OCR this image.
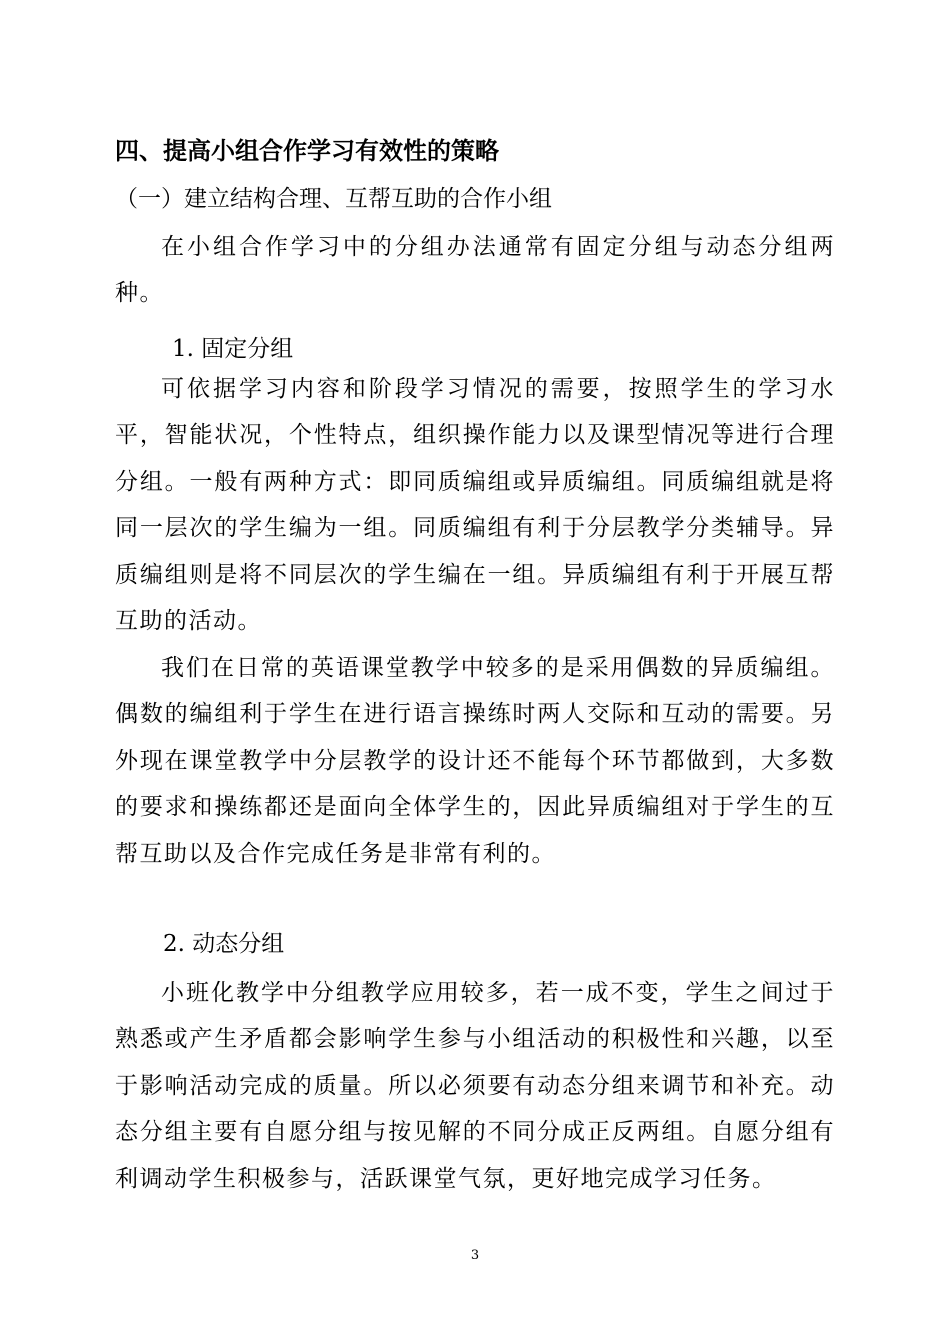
四、提高小组合作学习有效性的策略
（一）建立结构合理、互帮互助的合作小组

在小组合作学习中的分组办法通常有固定分组与动态分组两种。

1. 固定分组

可依据学习内容和阶段学习情况的需要，按照学生的学习水平，智能状况，个性特点，组织操作能力以及课型情况等进行合理分组。一般有两种方式：即同质编组或异质编组。同质编组就是将同一层次的学生编为一组。同质编组有利于分层教学分类辅导。异质编组则是将不同层次的学生编在一组。异质编组有利于开展互帮互助的活动。

我们在日常的英语课堂教学中较多的是采用偶数的异质编组。偶数的编组利于学生在进行语言操练时两人交际和互动的需要。另外现在课堂教学中分层教学的设计还不能每个环节都做到，大多数的要求和操练都还是面向全体学生的，因此异质编组对于学生的互帮互助以及合作完成任务是非常有利的。

2. 动态分组

小班化教学中分组教学应用较多，若一成不变，学生之间过于熟悉或产生矛盾都会影响学生参与小组活动的积极性和兴趣，以至于影响活动完成的质量。所以必须要有动态分组来调节和补充。动态分组主要有自愿分组与按见解的不同分成正反两组。自愿分组有利调动学生积极参与，活跃课堂气氛，更好地完成学习任务。

3
